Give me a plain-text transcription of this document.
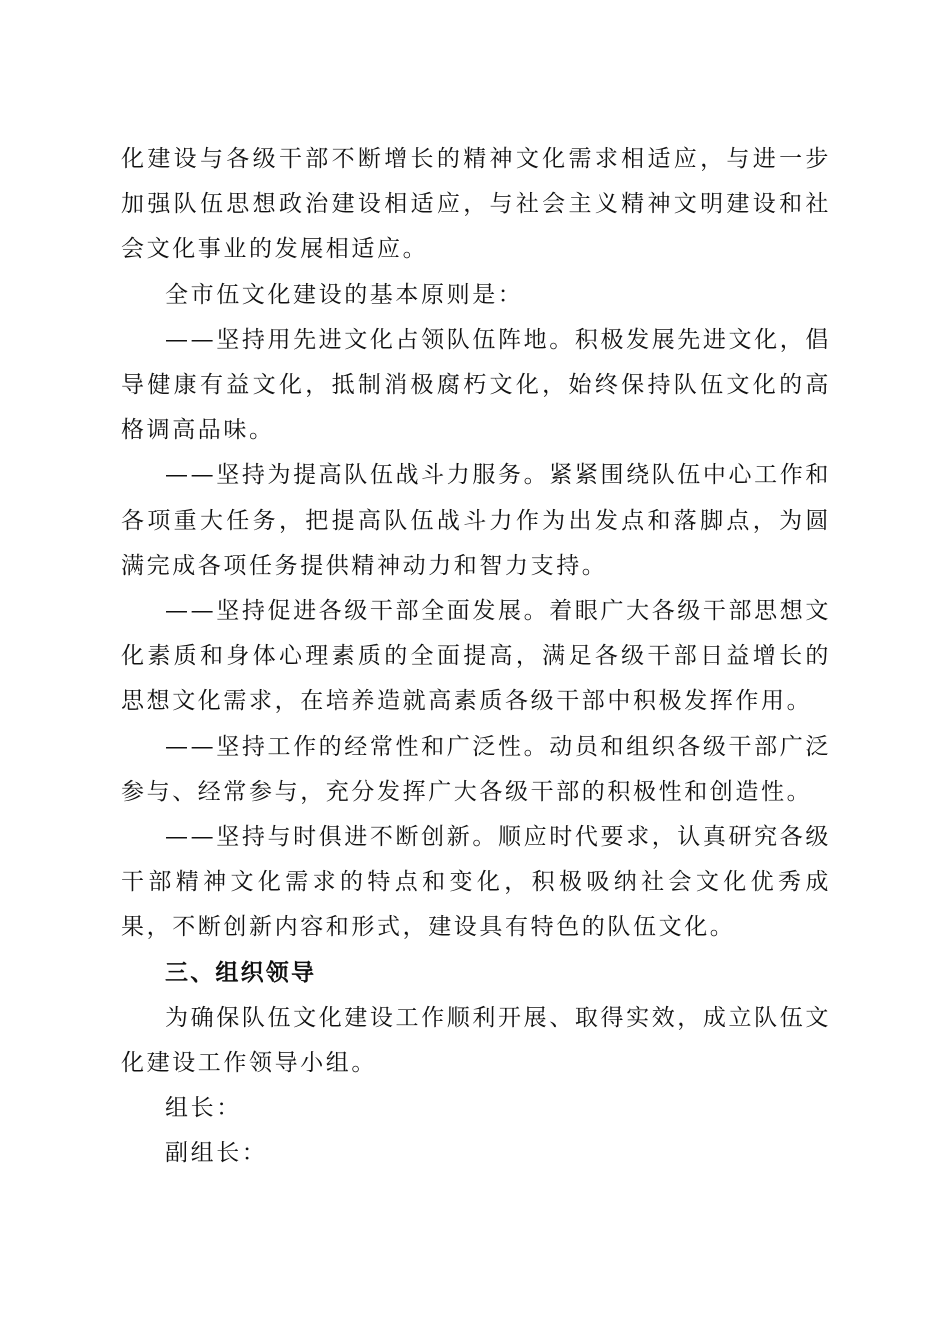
化建设与各级干部不断增长的精神文化需求相适应，与进一步加强队伍思想政治建设相适应，与社会主义精神文明建设和社会文化事业的发展相适应。

全市伍文化建设的基本原则是：

——坚持用先进文化占领队伍阵地。积极发展先进文化，倡导健康有益文化，抵制消极腐朽文化，始终保持队伍文化的高格调高品味。

——坚持为提高队伍战斗力服务。紧紧围绕队伍中心工作和各项重大任务，把提高队伍战斗力作为出发点和落脚点，为圆满完成各项任务提供精神动力和智力支持。

——坚持促进各级干部全面发展。着眼广大各级干部思想文化素质和身体心理素质的全面提高，满足各级干部日益增长的思想文化需求，在培养造就高素质各级干部中积极发挥作用。

——坚持工作的经常性和广泛性。动员和组织各级干部广泛参与、经常参与，充分发挥广大各级干部的积极性和创造性。

——坚持与时俱进不断创新。顺应时代要求，认真研究各级干部精神文化需求的特点和变化，积极吸纳社会文化优秀成果，不断创新内容和形式，建设具有特色的队伍文化。

三、组织领导

为确保队伍文化建设工作顺利开展、取得实效，成立队伍文化建设工作领导小组。

组长：

副组长：
